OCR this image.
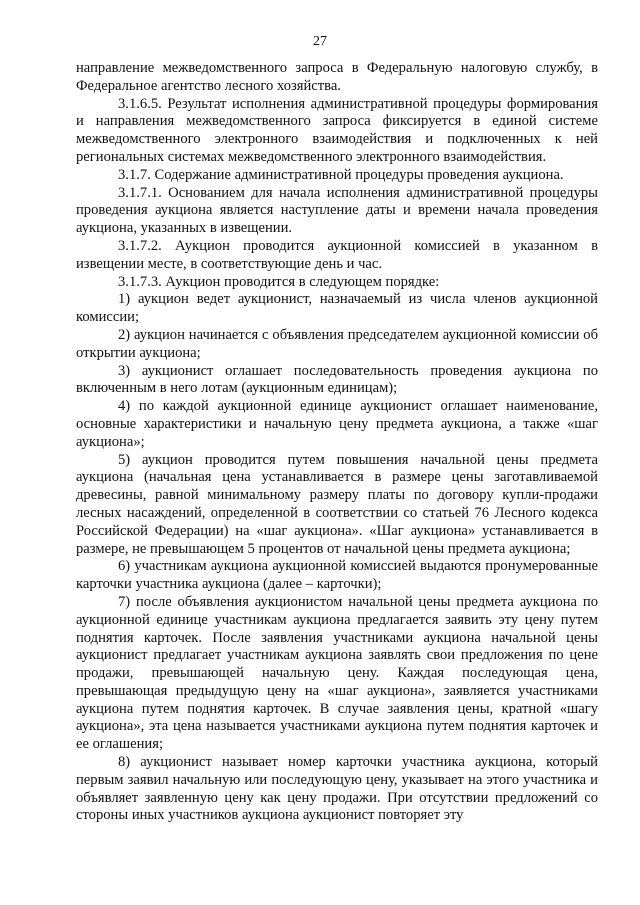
27

направление межведомственного запроса в Федеральную налоговую службу, в Федеральное агентство лесного хозяйства.

3.1.6.5. Результат исполнения административной процедуры формирования и направления межведомственного запроса фиксируется в единой системе межведомственного электронного взаимодействия и подключенных к ней региональных системах межведомственного электронного взаимодействия.

3.1.7. Содержание административной процедуры проведения аукциона.

3.1.7.1. Основанием для начала исполнения административной процедуры проведения аукциона является наступление даты и времени начала проведения аукциона, указанных в извещении.

3.1.7.2. Аукцион проводится аукционной комиссией в указанном в извещении месте, в соответствующие день и час.

3.1.7.3. Аукцион проводится в следующем порядке:

1) аукцион ведет аукционист, назначаемый из числа членов аукционной комиссии;

2) аукцион начинается с объявления председателем аукционной комиссии об открытии аукциона;

3) аукционист оглашает последовательность проведения аукциона по включенным в него лотам (аукционным единицам);

4) по каждой аукционной единице аукционист оглашает наименование, основные характеристики и начальную цену предмета аукциона, а также «шаг аукциона»;

5) аукцион проводится путем повышения начальной цены предмета аукциона (начальная цена устанавливается в размере цены заготавливаемой древесины, равной минимальному размеру платы по договору купли-продажи лесных насаждений, определенной в соответствии со статьей 76 Лесного кодекса Российской Федерации) на «шаг аукциона». «Шаг аукциона» устанавливается в размере, не превышающем 5 процентов от начальной цены предмета аукциона;

6) участникам аукциона аукционной комиссией выдаются пронумерованные карточки участника аукциона (далее – карточки);

7) после объявления аукционистом начальной цены предмета аукциона по аукционной единице участникам аукциона предлагается заявить эту цену путем поднятия карточек. После заявления участниками аукциона начальной цены аукционист предлагает участникам аукциона заявлять свои предложения по цене продажи, превышающей начальную цену. Каждая последующая цена, превышающая предыдущую цену на «шаг аукциона», заявляется участниками аукциона путем поднятия карточек. В случае заявления цены, кратной «шагу аукциона», эта цена называется участниками аукциона путем поднятия карточек и ее оглашения;

8) аукционист называет номер карточки участника аукциона, который первым заявил начальную или последующую цену, указывает на этого участника и объявляет заявленную цену как цену продажи. При отсутствии предложений со стороны иных участников аукциона аукционист повторяет эту
